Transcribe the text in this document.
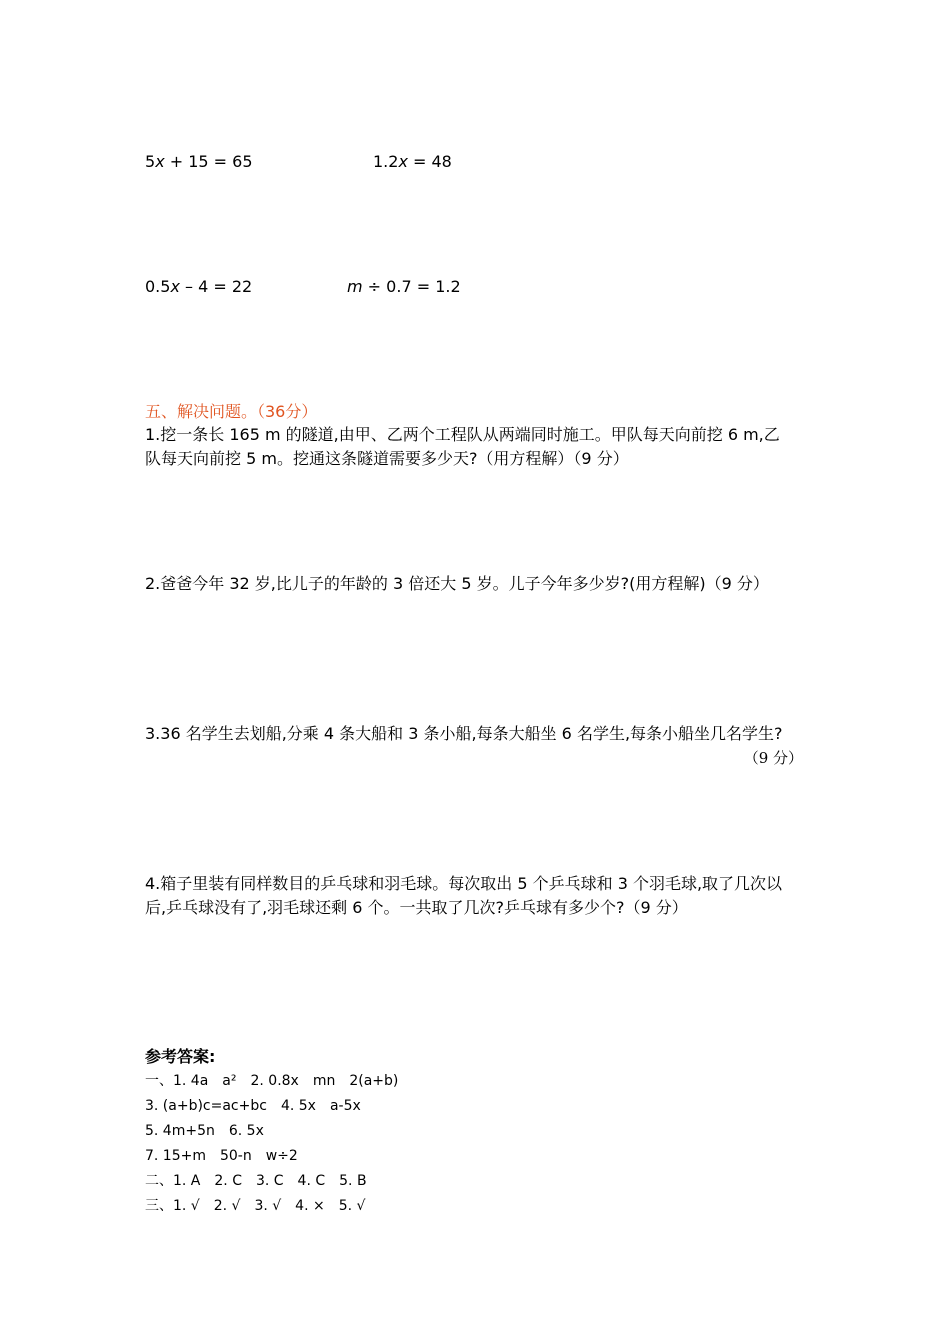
5x + 15 = 65	1.2x = 48
0.5x – 4 = 22	m ÷ 0.7 = 1.2
五、解决问题。（36分）
1.挖一条长 165 m 的隧道,由甲、乙两个工程队从两端同时施工。甲队每天向前挖 6 m,乙
队每天向前挖 5 m。挖通这条隧道需要多少天?（用方程解）（9 分）
2.爸爸今年 32 岁,比儿子的年龄的 3 倍还大 5 岁。儿子今年多少岁?(用方程解)（9 分）
3.36 名学生去划船,分乘 4 条大船和 3 条小船,每条大船坐 6 名学生,每条小船坐几名学生?
（9 分）
4.箱子里装有同样数目的乒乓球和羽毛球。每次取出 5 个乒乓球和 3 个羽毛球,取了几次以
后,乒乓球没有了,羽毛球还剩 6 个。一共取了几次?乒乓球有多少个?（9 分）
参考答案:
一、1. 4a　a²　2. 0.8x　mn　2(a+b)
3. (a+b)c=ac+bc　4. 5x　a-5x
5. 4m+5n　6. 5x
7. 15+m　50-n　w÷2
二、1. A　2. C　3. C　4. C　5. B
三、1. √　2. √　3. √　4. ×　5. √
